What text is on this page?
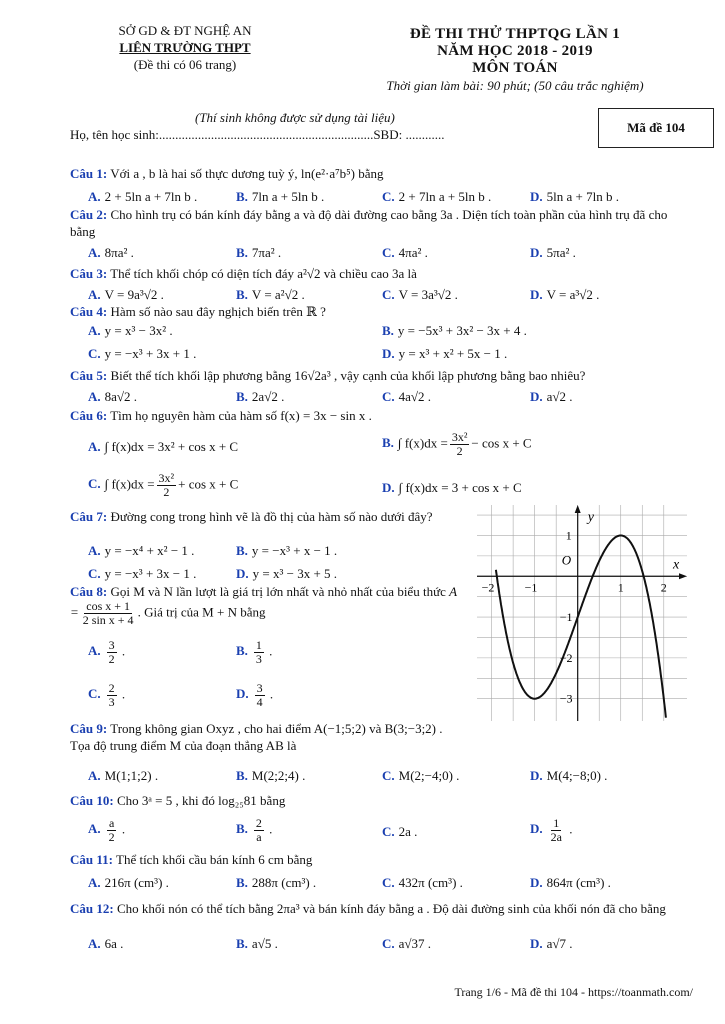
SỞ GD & ĐT NGHỆ AN
LIÊN TRƯỜNG THPT
(Đề thi có 06 trang)
ĐỀ THI THỬ THPTQG LẦN 1
NĂM HỌC 2018 - 2019
MÔN TOÁN
Thời gian làm bài: 90 phút; (50 câu trắc nghiệm)
(Thí sinh không được sử dụng tài liệu)
Họ, tên học sinh:..................................................................SBD: ............	Mã đề 104
Câu 1: Với a , b là hai số thực dương tuỳ ý, ln(e²·a⁷b⁵) bằng
A. 2 + 5ln a + 7ln b .	B. 7ln a + 5ln b .	C. 2 + 7ln a + 5ln b .	D. 5ln a + 7ln b .
Câu 2: Cho hình trụ có bán kính đáy bằng a và độ dài đường cao bằng 3a . Diện tích toàn phần của hình trụ đã cho bằng
A. 8πa² .	B. 7πa² .	C. 4πa² .	D. 5πa² .
Câu 3: Thể tích khối chóp có diện tích đáy a²√2 và chiều cao 3a là
A. V = 9a³√2 .	B. V = a²√2 .	C. V = 3a³√2 .	D. V = a³√2 .
Câu 4: Hàm số nào sau đây nghịch biến trên ℝ ?
A. y = x³ − 3x² .	B. y = −5x³ + 3x² − 3x + 4 .
C. y = −x³ + 3x + 1 .	D. y = x³ + x² + 5x − 1 .
Câu 5: Biết thể tích khối lập phương bằng 16√2a³ , vậy cạnh của khối lập phương bằng bao nhiêu?
A. 8a√2 .	B. 2a√2 .	C. 4a√2 .	D. a√2 .
Câu 6: Tìm họ nguyên hàm của hàm số f(x) = 3x − sin x .
A. ∫ f(x)dx = 3x² + cos x + C	B. ∫ $f(x)dx = \frac{\text{3x²}}{2} - \cos x + C$
C. ∫ $f(x)dx = \frac{\text{3x²}}{2} + \cos x + C$	D. ∫ f(x)dx = 3 + cos x + C
Câu 7: Đường cong trong hình vẽ là đồ thị của hàm số nào dưới đây?
A. y = −x⁴ + x² − 1 .	B. y = −x³ + x − 1 .
C. y = −x³ + 3x − 1 .	D. y = x³ − 3x + 5 .
x
y
O
−2	−1	1	2
1
−1
−2
−3
Câu 8: Gọi M và N lần lượt là giá trị lớn nhất và nhỏ nhất của biểu thức $A = \frac{\text{cos x + 1}}{\text{2 sin x + 4}}$ . Giá trị của M + N bằng
A. $\frac{3}{2}$ .	B. $\frac{1}{3}$ .
C. $\frac{2}{3}$ .	D. $\frac{3}{4}$ .
Câu 9: Trong không gian Oxyz , cho hai điểm A(−1;5;2) và B(3;−3;2) . Tọa độ trung điểm M của đoạn thẳng AB là
A. M(1;1;2) .	B. M(2;2;4) .	C. M(2;−4;0) .	D. M(4;−8;0) .
Câu 10: Cho 3ᵃ = 5 , khi đó log₂₅81 bằng
A. $\frac{a}{2}$ .	B. $\frac{2}{a}$ .	C. 2a .	D. $\frac{1}{2a}$ .
Câu 11: Thể tích khối cầu bán kính 6 cm bằng
A. 216π (cm³) .	B. 288π (cm³) .	C. 432π (cm³) .	D. 864π (cm³) .
Câu 12: Cho khối nón có thể tích bằng 2πa³ và bán kính đáy bằng a . Độ dài đường sinh của khối nón đã cho bằng
A. 6a .	B. a√5 .	C. a√37 .	D. a√7 .
Trang 1/6 - Mã đề thi 104 - https://toanmath.com/
